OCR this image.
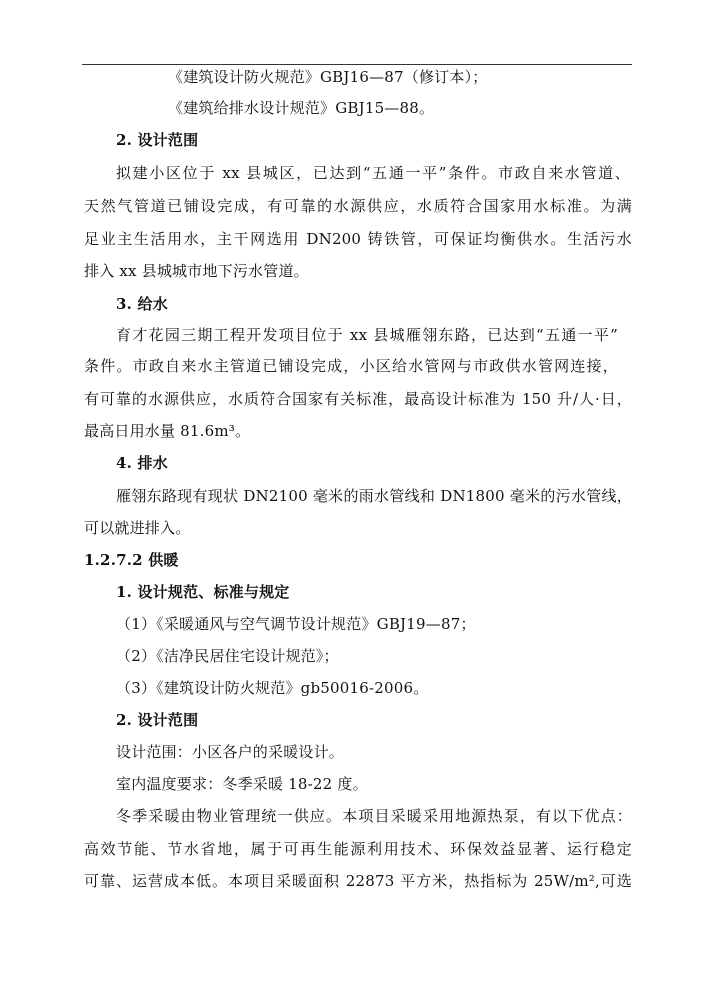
《建筑设计防火规范》GBJ16—87（修订本）；
《建筑给排水设计规范》GBJ15—88。
2. 设计范围
拟建小区位于 xx 县城区，已达到“五通一平”条件。市政自来水管道、
天然气管道已铺设完成，有可靠的水源供应，水质符合国家用水标准。为满
足业主生活用水，主干网选用 DN200 铸铁管，可保证均衡供水。生活污水
排入 xx 县城城市地下污水管道。
3. 给水
育才花园三期工程开发项目位于 xx 县城雁翎东路，已达到“五通一平”
条件。市政自来水主管道已铺设完成，小区给水管网与市政供水管网连接，
有可靠的水源供应，水质符合国家有关标准，最高设计标准为 150 升/人·日，
最高日用水量 81.6m³。
4. 排水
雁翎东路现有现状 DN2100 毫米的雨水管线和 DN1800 毫米的污水管线，
可以就进排入。
1.2.7.2 供暖
1. 设计规范、标准与规定
（1）《采暖通风与空气调节设计规范》GBJ19—87；
（2）《洁净民居住宅设计规范》；
（3）《建筑设计防火规范》gb50016-2006。
2. 设计范围
设计范围：小区各户的采暖设计。
室内温度要求：冬季采暖 18-22 度。
冬季采暖由物业管理统一供应。本项目采暖采用地源热泵，有以下优点：
高效节能、节水省地，属于可再生能源利用技术、环保效益显著、运行稳定
可靠、运营成本低。本项目采暖面积 22873 平方米，热指标为 25W/m²,可选
